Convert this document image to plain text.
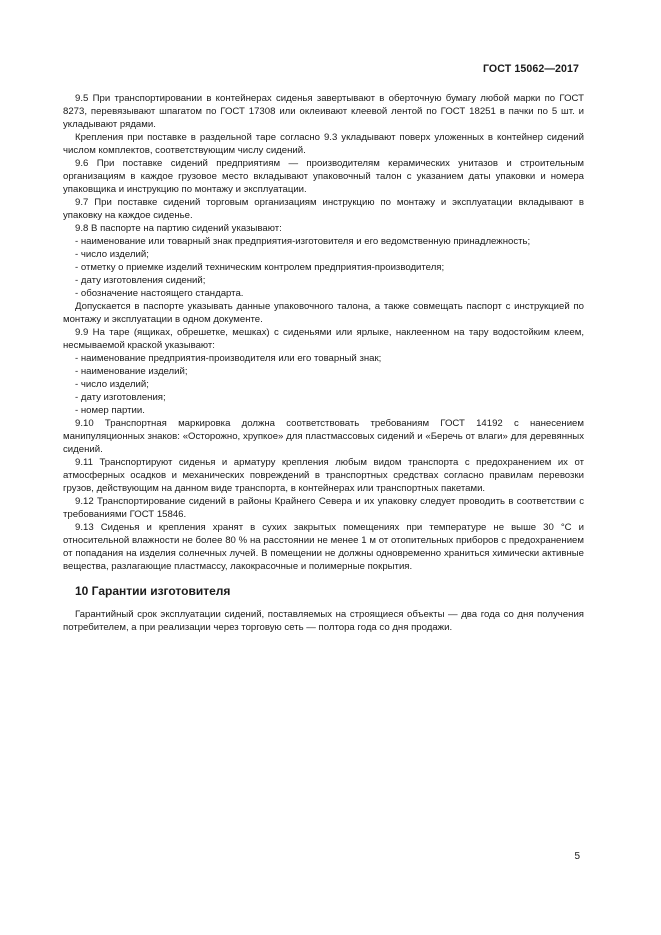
ГОСТ 15062—2017

9.5 При транспортировании в контейнерах сиденья завертывают в оберточную бумагу любой марки по ГОСТ 8273, перевязывают шпагатом по ГОСТ 17308 или оклеивают клеевой лентой по ГОСТ 18251 в пачки по 5 шт. и укладывают рядами.

Крепления при поставке в раздельной таре согласно 9.3 укладывают поверх уложенных в контейнер сидений числом комплектов, соответствующим числу сидений.

9.6 При поставке сидений предприятиям — производителям керамических унитазов и строительным организациям в каждое грузовое место вкладывают упаковочный талон с указанием даты упаковки и номера упаковщика и инструкцию по монтажу и эксплуатации.

9.7 При поставке сидений торговым организациям инструкцию по монтажу и эксплуатации вкладывают в упаковку на каждое сиденье.

9.8 В паспорте на партию сидений указывают:

- наименование или товарный знак предприятия-изготовителя и его ведомственную принадлежность;

- число изделий;

- отметку о приемке изделий техническим контролем предприятия-производителя;

- дату изготовления сидений;

- обозначение настоящего стандарта.

Допускается в паспорте указывать данные упаковочного талона, а также совмещать паспорт с инструкцией по монтажу и эксплуатации в одном документе.

9.9 На таре (ящиках, обрешетке, мешках) с сиденьями или ярлыке, наклеенном на тару водостойким клеем, несмываемой краской указывают:

- наименование предприятия-производителя или его товарный знак;

- наименование изделий;

- число изделий;

- дату изготовления;

- номер партии.

9.10 Транспортная маркировка должна соответствовать требованиям ГОСТ 14192 с нанесением манипуляционных знаков: «Осторожно, хрупкое» для пластмассовых сидений и «Беречь от влаги» для деревянных сидений.

9.11 Транспортируют сиденья и арматуру крепления любым видом транспорта с предохранением их от атмосферных осадков и механических повреждений в транспортных средствах согласно правилам перевозки грузов, действующим на данном виде транспорта, в контейнерах или транспортных пакетами.

9.12 Транспортирование сидений в районы Крайнего Севера и их упаковку следует проводить в соответствии с требованиями ГОСТ 15846.

9.13 Сиденья и крепления хранят в сухих закрытых помещениях при температуре не выше 30 °С и относительной влажности не более 80 % на расстоянии не менее 1 м от отопительных приборов с предохранением от попадания на изделия солнечных лучей. В помещении не должны одновременно храниться химически активные вещества, разлагающие пластмассу, лакокрасочные и полимерные покрытия.

10 Гарантии изготовителя

Гарантийный срок эксплуатации сидений, поставляемых на строящиеся объекты — два года со дня получения потребителем, а при реализации через торговую сеть — полтора года со дня продажи.

5
